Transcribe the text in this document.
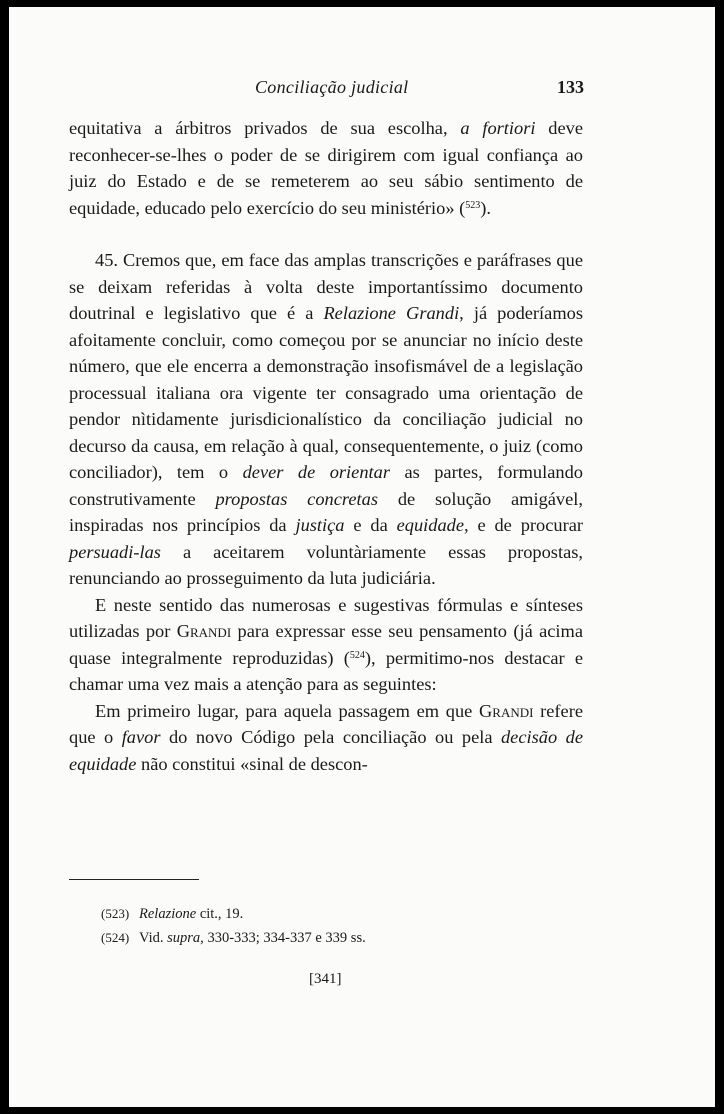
Conciliação judicial	133

equitativa a árbitros privados de sua escolha, a fortiori deve reconhecer-se-lhes o poder de se dirigirem com igual confiança ao juiz do Estado e de se remeterem ao seu sábio sentimento de equidade, educado pelo exercício do seu ministério» ($^{523}$).

45. Cremos que, em face das amplas transcrições e paráfrases que se deixam referidas à volta deste importantíssimo documento doutrinal e legislativo que é a Relazione Grandi, já poderíamos afoitamente concluir, como começou por se anunciar no início deste número, que ele encerra a demonstração insofismável de a legislação processual italiana ora vigente ter consagrado uma orientação de pendor nìtidamente jurisdicionalístico da conciliação judicial no decurso da causa, em relação à qual, consequentemente, o juiz (como conciliador), tem o dever de orientar as partes, formulando construtivamente propostas concretas de solução amigável, inspiradas nos princípios da justiça e da equidade, e de procurar persuadi-las a aceitarem voluntàriamente essas propostas, renunciando ao prosseguimento da luta judiciária.

E neste sentido das numerosas e sugestivas fórmulas e sínteses utilizadas por Grandi para expressar esse seu pensamento (já acima quase integralmente reproduzidas) ($^{524}$), permitimo-nos destacar e chamar uma vez mais a atenção para as seguintes:

Em primeiro lugar, para aquela passagem em que Grandi refere que o favor do novo Código pela conciliação ou pela decisão de equidade não constitui «sinal de descon-

(523) Relazione cit., 19.
(524) Vid. supra, 330-333; 334-337 e 339 ss.
[341]
